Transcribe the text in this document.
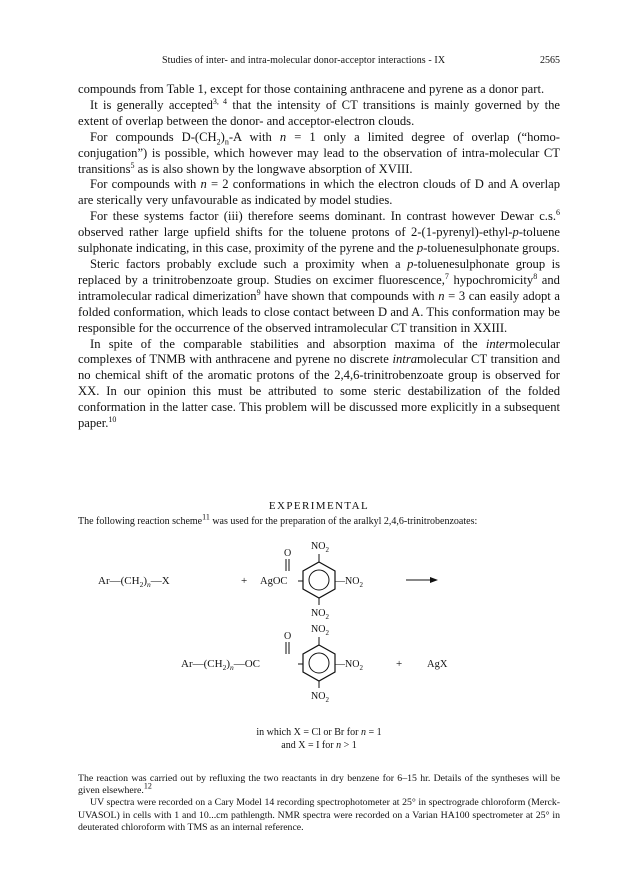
Studies of inter- and intra-molecular donor-acceptor interactions - IX	2565

compounds from Table 1, except for those containing anthracene and pyrene as a donor part.

It is generally accepted$^{3, 4}$ that the intensity of CT transitions is mainly governed by the extent of overlap between the donor- and acceptor-electron clouds.

For compounds $D-(CH_2)_n-A$ with n = 1 only a limited degree of overlap (“homo-conjugation”) is possible, which however may lead to the observation of intra-molecular CT transitions$^5$ as is also shown by the longwave absorption of XVIII.

For compounds with n = 2 conformations in which the electron clouds of D and A overlap are sterically very unfavourable as indicated by model studies.

For these systems factor (iii) therefore seems dominant. In contrast however Dewar c.s.$^6$ observed rather large upfield shifts for the toluene protons of 2-(1-pyrenyl)-ethyl-p-toluene sulphonate indicating, in this case, proximity of the pyrene and the p-toluenesulphonate groups.

Steric factors probably exclude such a proximity when a p-toluenesulphonate group is replaced by a trinitrobenzoate group. Studies on excimer fluorescence,$^7$ hypochromicity$^8$ and intramolecular radical dimerization$^9$ have shown that compounds with n = 3 can easily adopt a folded conformation, which leads to close contact between D and A. This conformation may be responsible for the occurrence of the observed intramolecular CT transition in XXIII.

In spite of the comparable stabilities and absorption maxima of the intermolecular complexes of TNMB with anthracene and pyrene no discrete intramolecular CT transition and no chemical shift of the aromatic protons of the 2,4,6-trinitrobenzoate group is observed for XX. In our opinion this must be attributed to some steric destabilization of the folded conformation in the latter case. This problem will be discussed more explicitly in a subsequent paper.$^{10}$

EXPERIMENTAL
The following reaction scheme$^{11}$ was used for the preparation of the aralkyl 2,4,6-trinitrobenzoates:
$Ar—(CH_2)_n—X$	+ AgOC
O
$NO_2$
$—NO_2$
$NO_2$
$Ar—(CH_2)_n—OC$
O
$NO_2$
$—NO_2$
$NO_2$
+ AgX
in which X = Cl or Br for n = 1
and X = I for n > 1

The reaction was carried out by refluxing the two reactants in dry benzene for 6–15 hr. Details of the syntheses will be given elsewhere.$^{12}$

UV spectra were recorded on a Cary Model 14 recording spectrophotometer at 25° in spectrograde chloroform (Merck-UVASOL) in cells with 1 and 10...cm pathlength. NMR spectra were recorded on a Varian HA100 spectrometer at 25° in deuterated chloroform with TMS as an internal reference.
